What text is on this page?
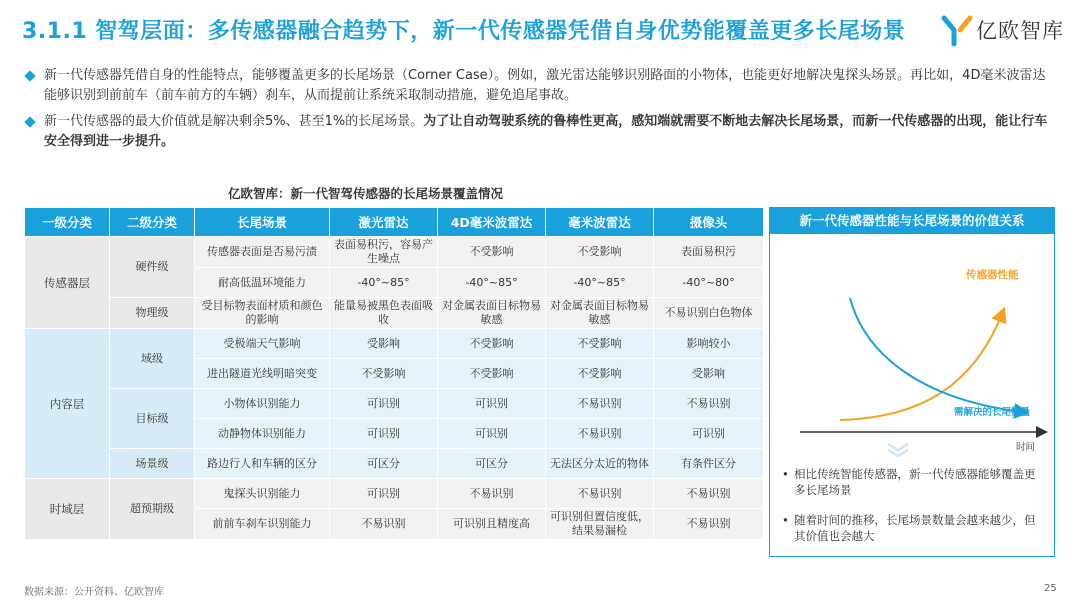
3.1.1 智驾层面：多传感器融合趋势下，新一代传感器凭借自身优势能覆盖更多长尾场景	亿欧智库
新一代传感器凭借自身的性能特点，能够覆盖更多的长尾场景（Corner Case）。例如，激光雷达能够识别路面的小物体，也能更好地解决鬼探头场景。再比如，4D毫米波雷达能够识别到前前车（前车前方的车辆）刹车，从而提前让系统采取制动措施，避免追尾事故。
新一代传感器的最大价值就是解决剩余5%、甚至1%的长尾场景。为了让自动驾驶系统的鲁棒性更高，感知端就需要不断地去解决长尾场景，而新一代传感器的出现，能让行车安全得到进一步提升。
亿欧智库：新一代智驾传感器的长尾场景覆盖情况
一级分类	二级分类	长尾场景	激光雷达	4D毫米波雷达	毫米波雷达	摄像头
传感器层	硬件级	传感器表面是否易污渍	表面易积污，容易产生噪点	不受影响	不受影响	表面易积污
		耐高低温环境能力	-40°~85°	-40°~85°	-40°~85°	-40°~80°
	物理级	受目标物表面材质和颜色的影响	能量易被黑色表面吸收	对金属表面目标物易敏感	对金属表面目标物易敏感	不易识别白色物体
内容层	域级	受极端天气影响	受影响	不受影响	不受影响	影响较小
		进出隧道光线明暗突变	不受影响	不受影响	不受影响	受影响
	目标级	小物体识别能力	可识别	可识别	不易识别	不易识别
		动静物体识别能力	可识别	可识别	不易识别	可识别
	场景级	路边行人和车辆的区分	可区分	可区分	无法区分太近的物体	有条件区分
时域层	超预期级	鬼探头识别能力	可识别	不易识别	不易识别	不易识别
		前前车刹车识别能力	不易识别	可识别且精度高	可识别但置信度低，结果易漏检	不易识别
新一代传感器性能与长尾场景的价值关系
传感器性能
需解决的长尾数量
时间
• 相比传统智能传感器，新一代传感器能够覆盖更多长尾场景
• 随着时间的推移，长尾场景数量会越来越少，但其价值也会越大
数据来源：公开资料、亿欧智库	25
